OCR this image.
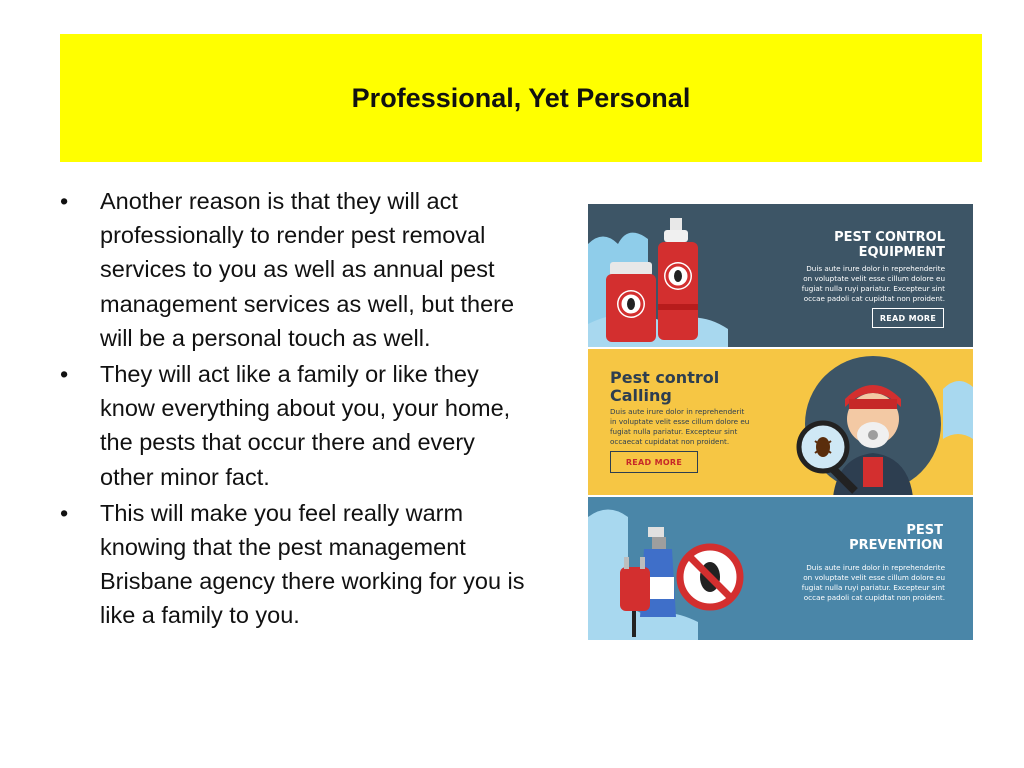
Professional, Yet Personal
•	Another reason is that they will act professionally to render pest removal services to you as well as annual pest management services as well, but there will be a personal touch as well.
•	They will act like a family or like they know everything about you, your home, the pests that occur there and every other minor fact.
•	This will make you feel really warm knowing that the pest management Brisbane agency there working for you is like a family to you.
PEST CONTROL
EQUIPMENT
Duis aute irure dolor in reprehenderite
on voluptate velit esse cillum dolore eu
fugiat nulla ruyi pariatur. Excepteur sint
occae padoli cat cupidtat non proident.
READ MORE
Pest control
Calling
Duis aute irure dolor in reprehenderit
in voluptate velit esse cillum dolore eu
fugiat nulla pariatur. Excepteur sint
occaecat cupidatat non proident.
READ MORE
PEST
PREVENTION
Duis aute irure dolor in reprehenderite
on voluptate velit esse cillum dolore eu
fugiat nulla ruyi pariatur. Excepteur sint
occae padoli cat cupidtat non proident.
